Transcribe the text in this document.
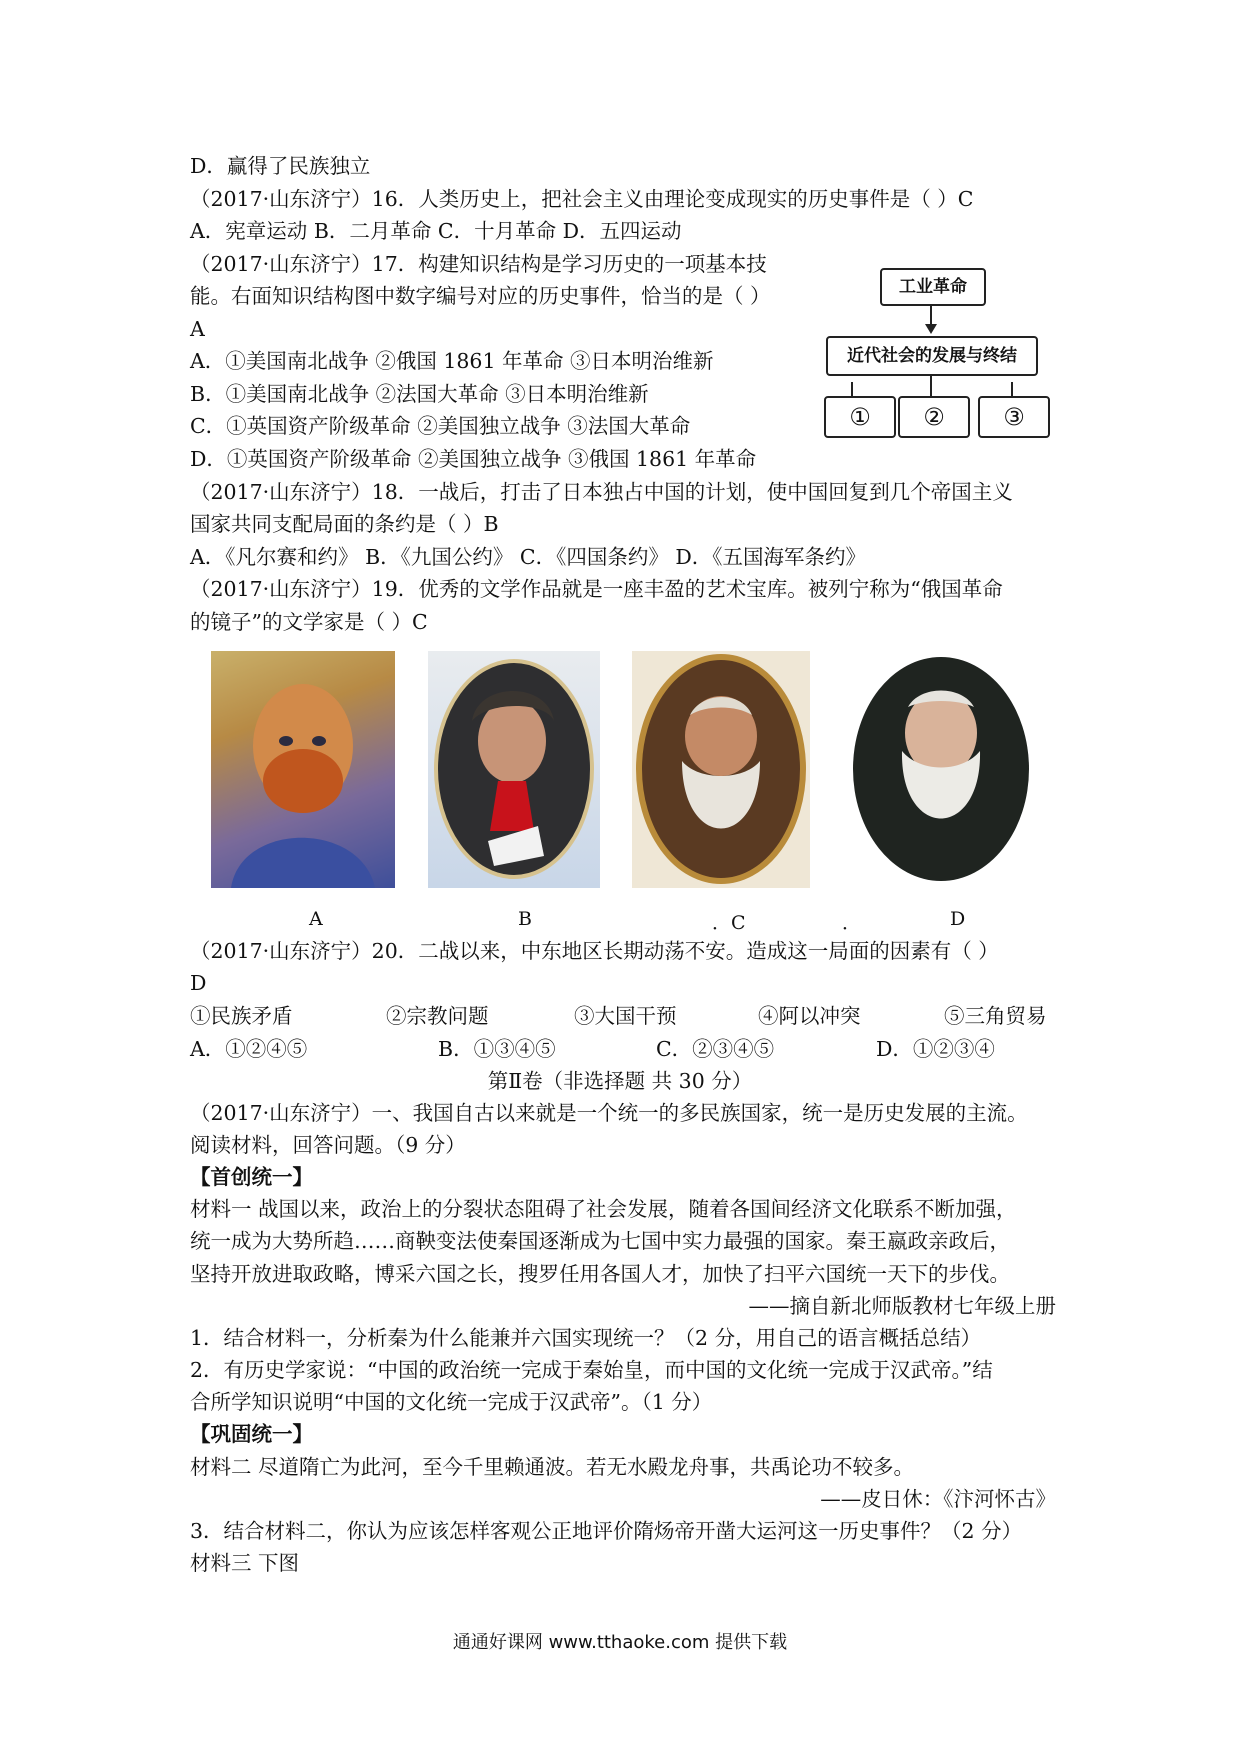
D．赢得了民族独立
（2017·山东济宁）16．人类历史上，把社会主义由理论变成现实的历史事件是（ ）C
A．宪章运动 B．二月革命 C．十月革命 D．五四运动
（2017·山东济宁）17．构建知识结构是学习历史的一项基本技
能。右面知识结构图中数字编号对应的历史事件，恰当的是（ ）
A
A．①美国南北战争 ②俄国 1861 年革命 ③日本明治维新
B．①美国南北战争 ②法国大革命 ③日本明治维新
C．①英国资产阶级革命 ②美国独立战争 ③法国大革命
D．①英国资产阶级革命 ②美国独立战争 ③俄国 1861 年革命
工业革命
近代社会的发展与终结
①	②	③
（2017·山东济宁）18．一战后，打击了日本独占中国的计划，使中国回复到几个帝国主义
国家共同支配局面的条约是（ ）B
A．《凡尔赛和约》 B．《九国公约》 C．《四国条约》 D．《五国海军条约》
（2017·山东济宁）19．优秀的文学作品就是一座丰盈的艺术宝库。被列宁称为“俄国革命
的镜子”的文学家是（ ）C
A	B	．C	．	D
（2017·山东济宁）20．二战以来，中东地区长期动荡不安。造成这一局面的因素有（ ）
D
①民族矛盾	②宗教问题	③大国干预	④阿以冲突	⑤三角贸易
A．①②④⑤	B．①③④⑤	C．②③④⑤	D．①②③④
第Ⅱ卷（非选择题 共 30 分）
（2017·山东济宁）一、我国自古以来就是一个统一的多民族国家，统一是历史发展的主流。
阅读材料，回答问题。（9 分）
【首创统一】
材料一 战国以来，政治上的分裂状态阻碍了社会发展，随着各国间经济文化联系不断加强，
统一成为大势所趋……商鞅变法使秦国逐渐成为七国中实力最强的国家。秦王嬴政亲政后，
坚持开放进取政略，博采六国之长，搜罗任用各国人才，加快了扫平六国统一天下的步伐。
——摘自新北师版教材七年级上册
1．结合材料一，分析秦为什么能兼并六国实现统一？（2 分，用自己的语言概括总结）
2．有历史学家说：“中国的政治统一完成于秦始皇，而中国的文化统一完成于汉武帝。”结
合所学知识说明“中国的文化统一完成于汉武帝”。（1 分）
【巩固统一】
材料二 尽道隋亡为此河，至今千里赖通波。若无水殿龙舟事，共禹论功不较多。
——皮日休：《汴河怀古》
3．结合材料二，你认为应该怎样客观公正地评价隋炀帝开凿大运河这一历史事件？（2 分）
材料三 下图
通通好课网 www.tthaoke.com 提供下载
